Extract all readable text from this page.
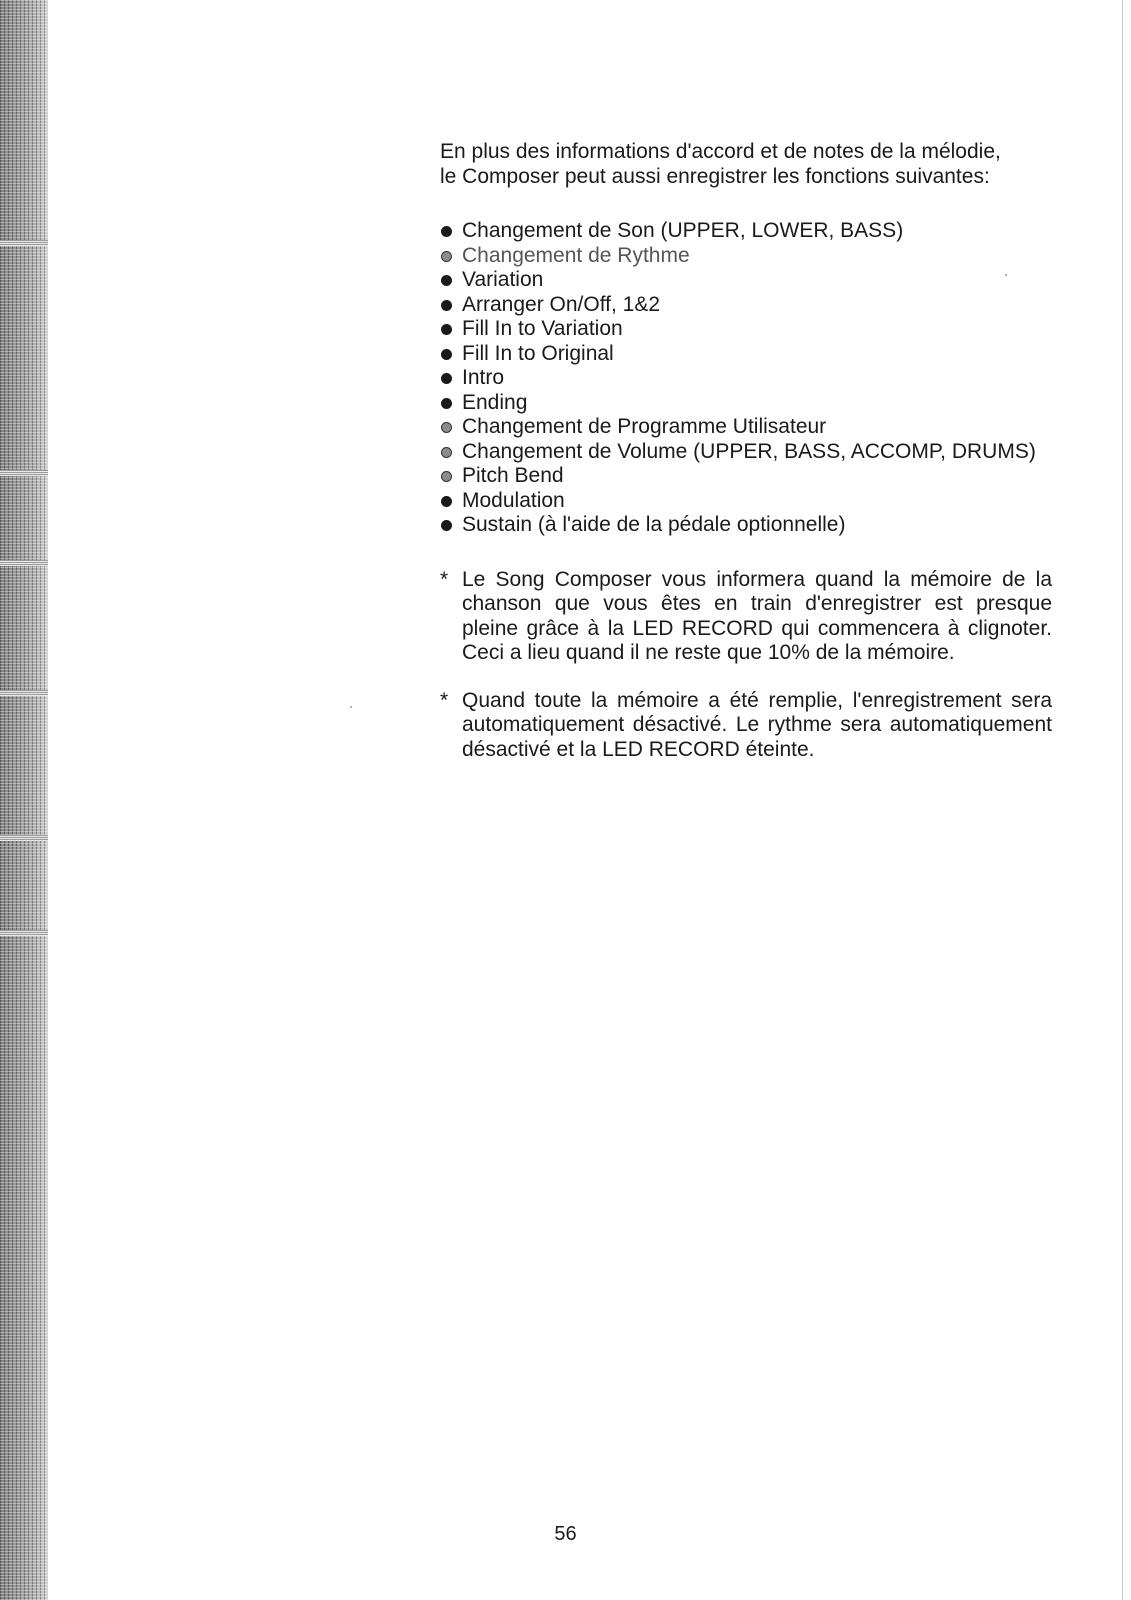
En plus des informations d'accord et de notes de la mélodie,

le Composer peut aussi enregistrer les fonctions suivantes:

Changement de Son (UPPER, LOWER, BASS)
Changement de Rythme
Variation
Arranger On/Off, 1&2
Fill In to Variation
Fill In to Original
Intro
Ending
Changement de Programme Utilisateur
Changement de Volume (UPPER, BASS, ACCOMP, DRUMS)
Pitch Bend
Modulation
Sustain (à l'aide de la pédale optionnelle)

* Le Song Composer vous informera quand la mémoire de la chanson que vous êtes en train d'enregistrer est presque pleine grâce à la LED RECORD qui commencera à clignoter. Ceci a lieu quand il ne reste que 10% de la mémoire.

* Quand toute la mémoire a été remplie, l'enregistrement sera automatiquement désactivé. Le rythme sera automatiquement désactivé et la LED RECORD éteinte.

56
